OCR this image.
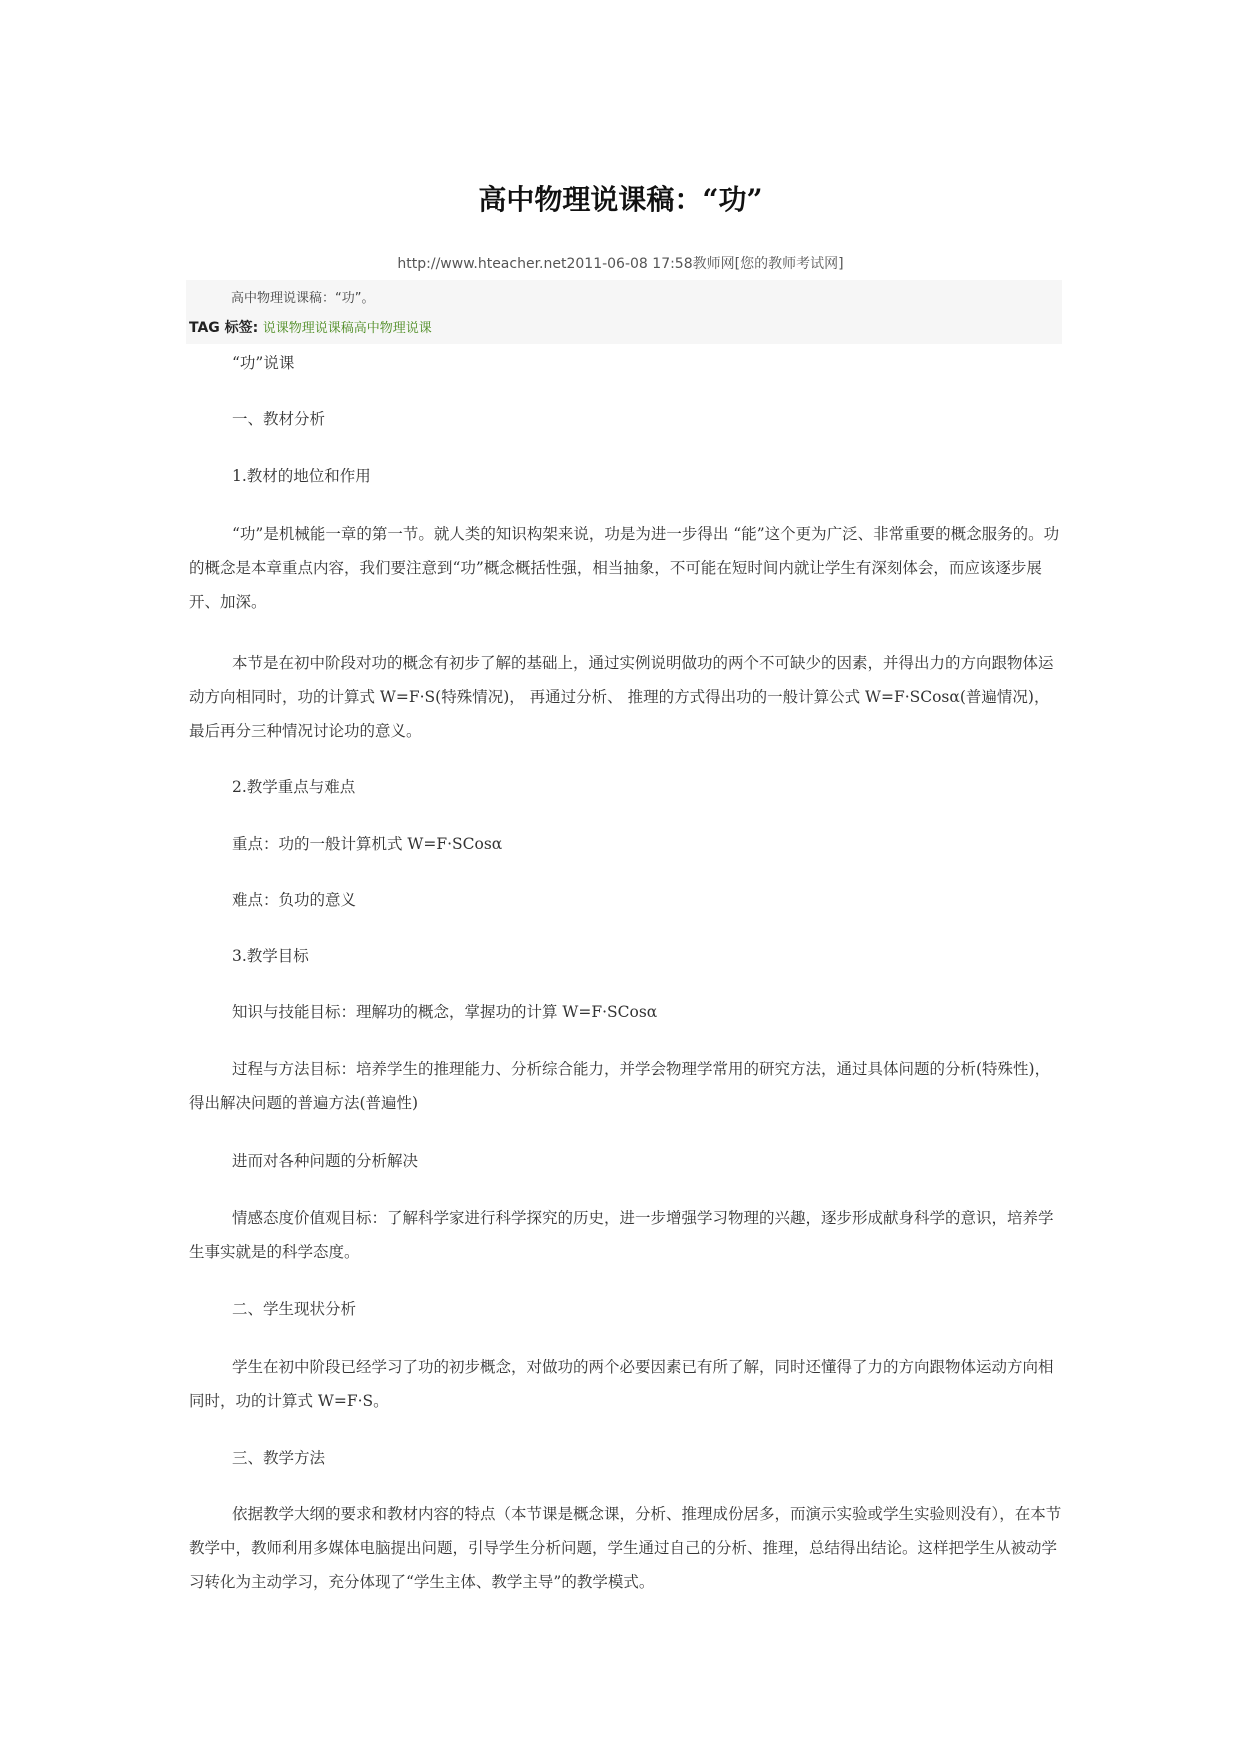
高中物理说课稿：“功”
http://www.hteacher.net2011-06-08 17:58教师网[您的教师考试网]
高中物理说课稿：“功”。
TAG 标签: 说课物理说课稿高中物理说课

“功”说课

一、教材分析

1.教材的地位和作用

“功”是机械能一章的第一节。就人类的知识构架来说，功是为进一步得出 “能”这个更为广泛、非常重要的概念服务的。功的概念是本章重点内容，我们要注意到“功”概念概括性强，相当抽象，不可能在短时间内就让学生有深刻体会，而应该逐步展开、加深。

本节是在初中阶段对功的概念有初步了解的基础上，通过实例说明做功的两个不可缺少的因素，并得出力的方向跟物体运动方向相同时，功的计算式 W=F·S(特殊情况)， 再通过分析、 推理的方式得出功的一般计算公式 W=F·SCosα(普遍情况)，最后再分三种情况讨论功的意义。

2.教学重点与难点

重点：功的一般计算机式 W=F·SCosα

难点：负功的意义

3.教学目标

知识与技能目标：理解功的概念，掌握功的计算 W=F·SCosα

过程与方法目标：培养学生的推理能力、分析综合能力，并学会物理学常用的研究方法，通过具体问题的分析(特殊性)，得出解决问题的普遍方法(普遍性)

进而对各种问题的分析解决

情感态度价值观目标：了解科学家进行科学探究的历史，进一步增强学习物理的兴趣，逐步形成献身科学的意识，培养学生事实就是的科学态度。

二、学生现状分析

学生在初中阶段已经学习了功的初步概念，对做功的两个必要因素已有所了解，同时还懂得了力的方向跟物体运动方向相同时，功的计算式 W=F·S。

三、教学方法

依据教学大纲的要求和教材内容的特点（本节课是概念课，分析、推理成份居多，而演示实验或学生实验则没有），在本节教学中，教师利用多媒体电脑提出问题，引导学生分析问题，学生通过自己的分析、推理，总结得出结论。这样把学生从被动学习转化为主动学习，充分体现了“学生主体、教学主导”的教学模式。
